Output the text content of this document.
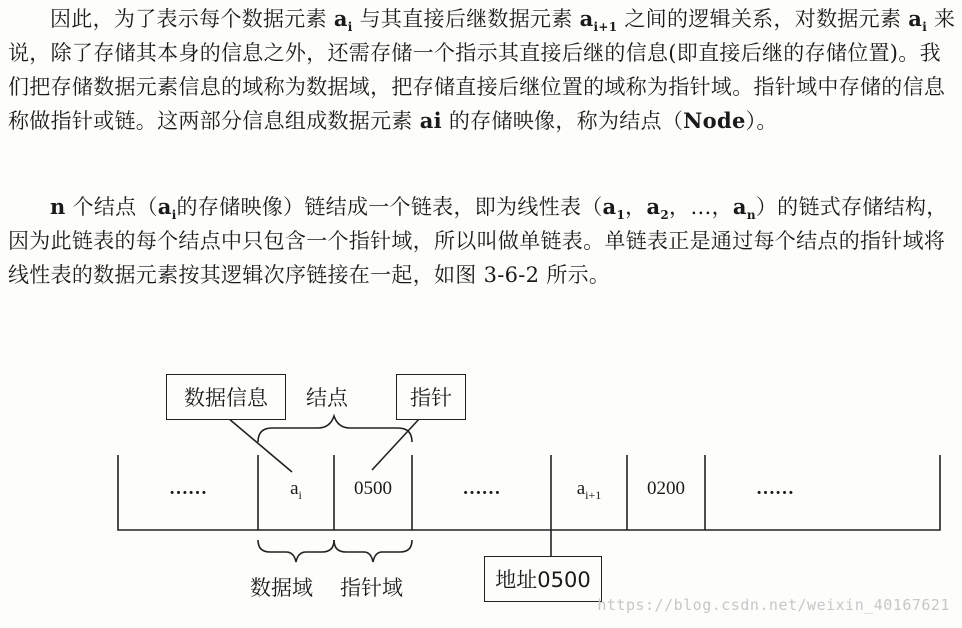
因此，为了表示每个数据元素 $a_i$ 与其直接后继数据元素 $a_{i+1}$ 之间的逻辑关系，对数据元素 $a_i$ 来说，除了存储其本身的信息之外，还需存储一个指示其直接后继的信息(即直接后继的存储位置)。我们把存储数据元素信息的域称为数据域，把存储直接后继位置的域称为指针域。指针域中存储的信息称做指针或链。这两部分信息组成数据元素 ai 的存储映像，称为结点（Node）。

n 个结点（$a_i$的存储映像）链结成一个链表，即为线性表（$a_1$，$a_2$，…，$a_n$）的链式存储结构，因为此链表的每个结点中只包含一个指针域，所以叫做单链表。单链表正是通过每个结点的指针域将线性表的数据元素按其逻辑次序链接在一起，如图 3-6-2 所示。

数据信息 结点	指针
……	$a_i$	0500	……	$a_{i+1}$	0200	……
数据域 指针域	地址0500
https://blog.csdn.net/weixin_40167621
